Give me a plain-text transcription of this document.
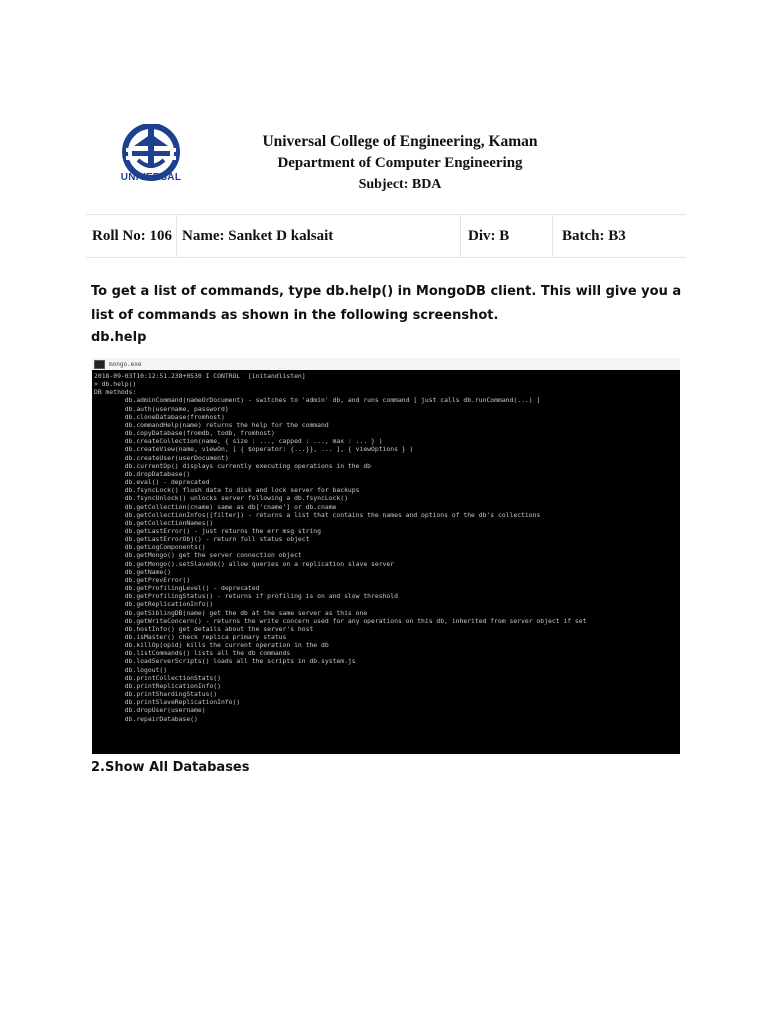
UNIVERSAL
Universal College of Engineering, Kaman
Department of Computer Engineering
Subject: BDA
Roll No: 106 Name: Sanket D kalsait	Div: B	Batch: B3
To get a list of commands, type db.help() in MongoDB client. This will give you a list of commands as shown in the following screenshot.
db.help
mongo.exe
2018-09-03T10:12:51.238+0530 I CONTROL  [initandlisten]
> db.help()
DB methods:
db.adminCommand(nameOrDocument) - switches to 'admin' db, and runs command [ just calls db.runCommand(...) ]
db.auth(username, password)
db.cloneDatabase(fromhost)
db.commandHelp(name) returns the help for the command
db.copyDatabase(fromdb, todb, fromhost)
db.createCollection(name, { size : ..., capped : ..., max : ... } )
db.createView(name, viewOn, [ { $operator: {...}}, ... ], { viewOptions } )
db.createUser(userDocument)
db.currentOp() displays currently executing operations in the db
db.dropDatabase()
db.eval() - deprecated
db.fsyncLock() flush data to disk and lock server for backups
db.fsyncUnlock() unlocks server following a db.fsyncLock()
db.getCollection(cname) same as db['cname'] or db.cname
db.getCollectionInfos([filter]) - returns a list that contains the names and options of the db's collections
db.getCollectionNames()
db.getLastError() - just returns the err msg string
db.getLastErrorObj() - return full status object
db.getLogComponents()
db.getMongo() get the server connection object
db.getMongo().setSlaveOk() allow queries on a replication slave server
db.getName()
db.getPrevError()
db.getProfilingLevel() - deprecated
db.getProfilingStatus() - returns if profiling is on and slow threshold
db.getReplicationInfo()
db.getSiblingDB(name) get the db at the same server as this one
db.getWriteConcern() - returns the write concern used for any operations on this db, inherited from server object if set
db.hostInfo() get details about the server's host
db.isMaster() check replica primary status
db.killOp(opid) kills the current operation in the db
db.listCommands() lists all the db commands
db.loadServerScripts() loads all the scripts in db.system.js
db.logout()
db.printCollectionStats()
db.printReplicationInfo()
db.printShardingStatus()
db.printSlaveReplicationInfo()
db.dropUser(username)
db.repairDatabase()
2.Show All Databases
